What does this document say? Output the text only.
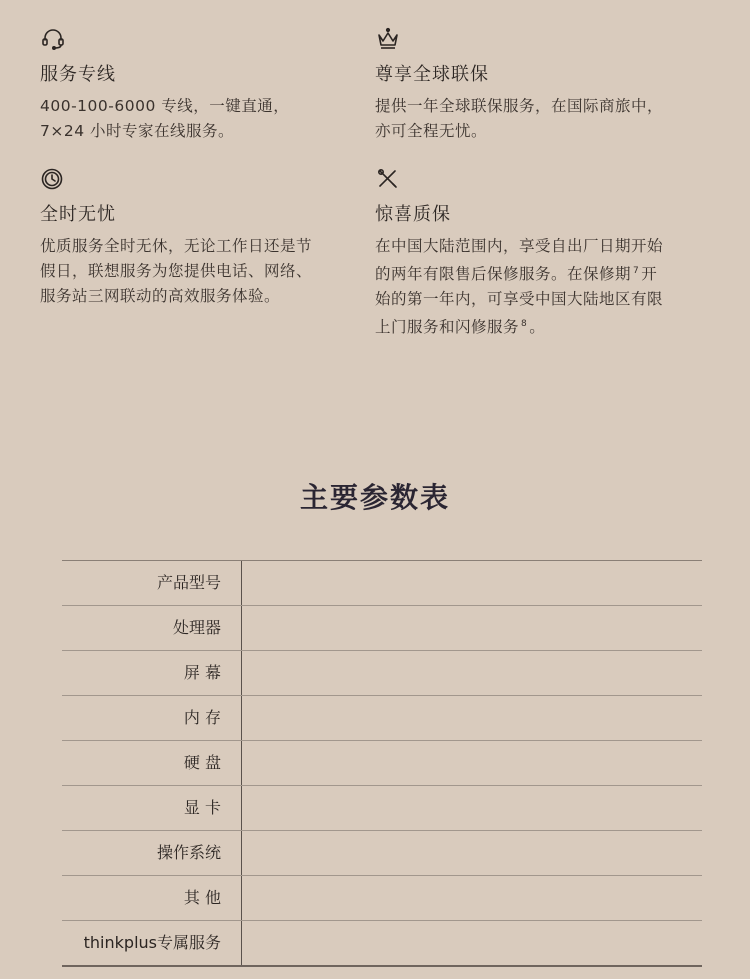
服务专线
400-100-6000 专线，一键直通，
7×24 小时专家在线服务。
尊享全球联保
提供一年全球联保服务，在国际商旅中，
亦可全程无忧。
全时无忧
优质服务全时无休，无论工作日还是节
假日，联想服务为您提供电话、网络、
服务站三网联动的高效服务体验。
惊喜质保
在中国大陆范围内，享受自出厂日期开始
的两年有限售后保修服务。在保修期 $^7$ 开
始的第一年内，可享受中国大陆地区有限
上门服务和闪修服务 $^8$ 。
主要参数表
产品型号
处理器
屏 幕
内 存
硬 盘
显 卡
操作系统
其 他
thinkplus专属服务
